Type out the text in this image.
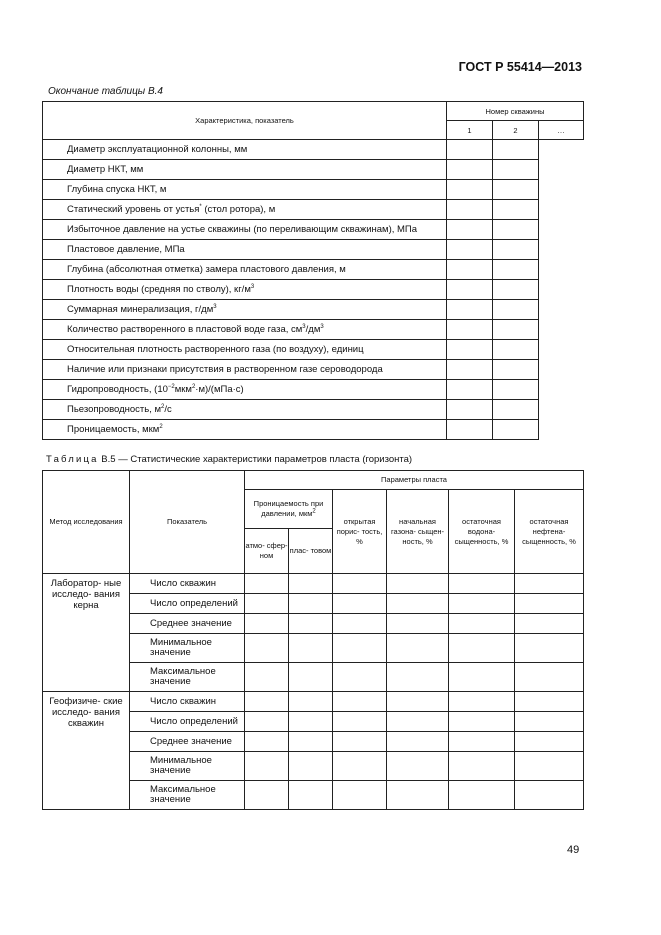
ГОСТ Р 55414—2013
Окончание таблицы В.4
Характеристика, показатель	Номер скважины		
	1	2	…
Диаметр эксплуатационной колонны, мм			
Диаметр НКТ, мм			
Глубина спуска НКТ, м			
Статический уровень от устья* (стол ротора), м			
Избыточное давление на устье скважины (по переливающим скважинам), МПа			
Пластовое давление, МПа			
Глубина (абсолютная отметка) замера пластового давления, м			
Плотность воды (средняя по стволу), $кг/м^3$			
Суммарная минерализация, $г/дм^3$			
Количество растворенного в пластовой воде газа, $см^3/дм^3$			
Относительная плотность растворенного газа (по воздуху), единиц			
Наличие или признаки присутствия в растворенном газе сероводорода			
Гидропроводность, $(10^{-2}мкм^2\cdot м)/(мПа\cdot с)$			
Пьезопроводность, $м^2/с$			
Проницаемость, мкм$^2$			
Таблица В.5 — Статистические характеристики параметров пласта (горизонта)
Метод исследования	Показатель	Параметры пласта					
		Проницаемость при давлении, мкм$^2$		открытая порис- тость, %	начальная газона- сыщен- ность, %	остаточная водона- сыщенность, %	остаточная нефтена- сыщенность, %
		атмо- сфер- ном	плас- товом				
Лаборатор- ные исследо- вания керна	Число скважин						
	Число определений						
	Среднее значение						
	Минимальное значение						
	Максимальное значение						
Геофизиче- ские исследо- вания скважин	Число скважин						
	Число определений						
	Среднее значение						
	Минимальное значение						
	Максимальное значение						
49
